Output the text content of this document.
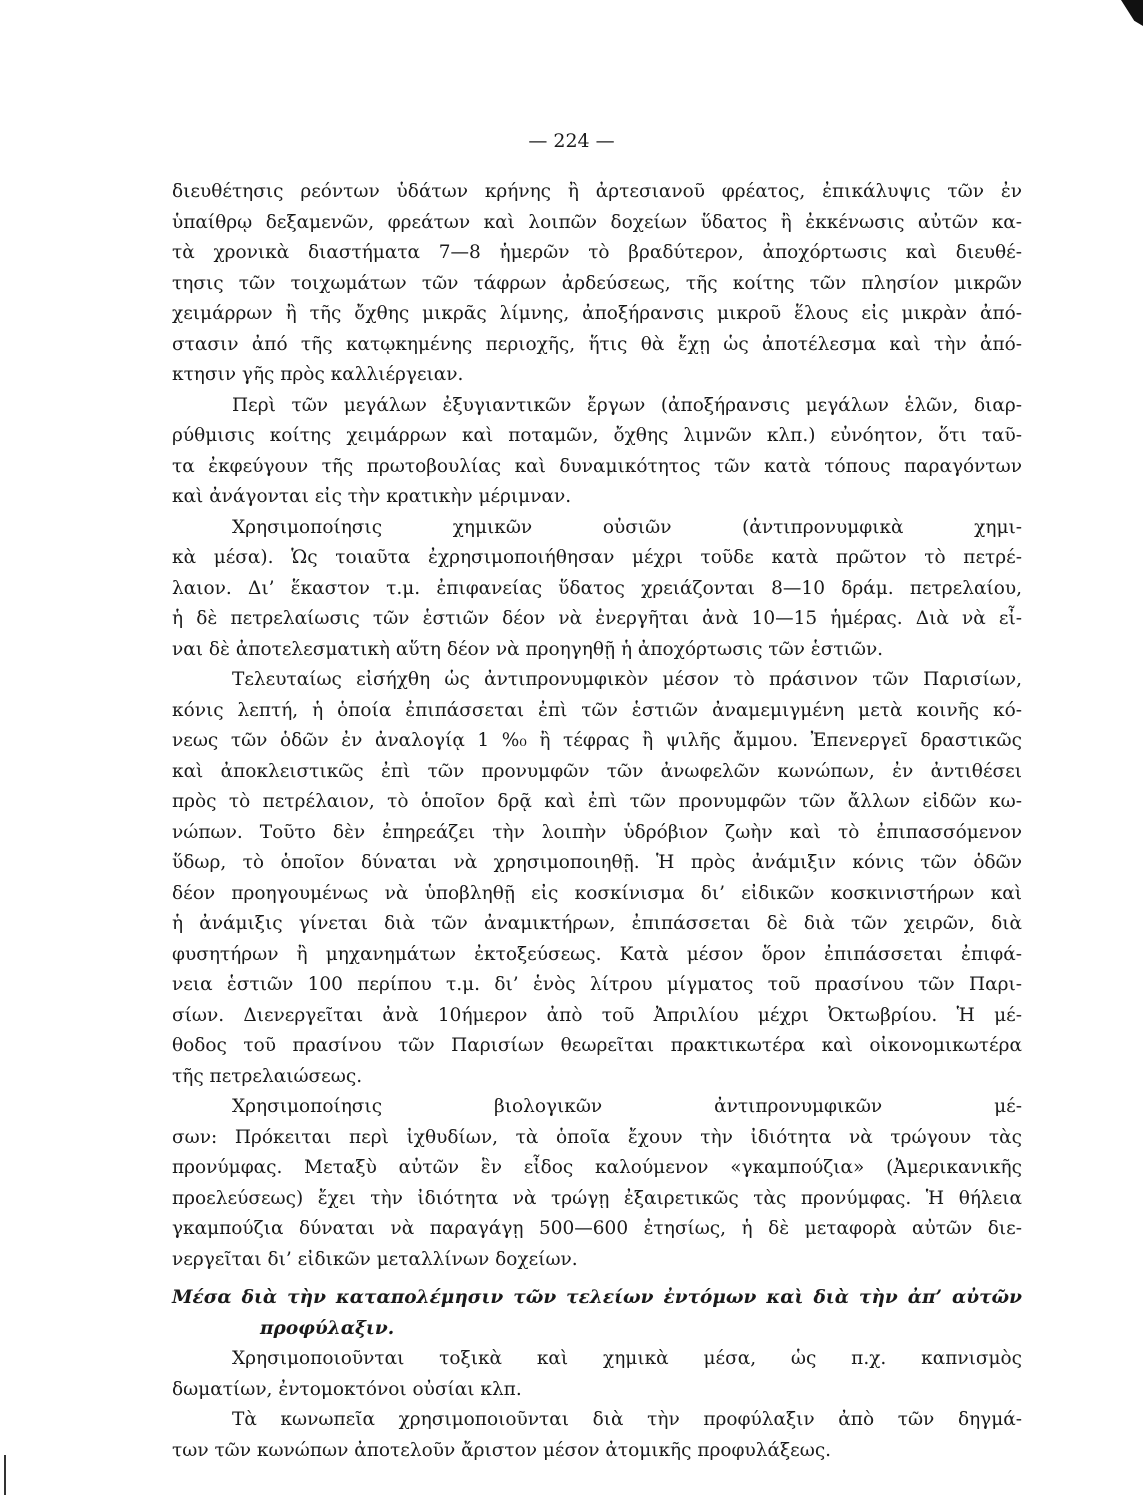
— 224 —
διευθέτησις ρεόντων ὑδάτων κρήνης ἢ ἀρτεσιανοῦ φρέατος, ἐπικάλυψις τῶν ἐν
ὑπαίθρῳ δεξαμενῶν, φρεάτων καὶ λοιπῶν δοχείων ὕδατος ἢ ἐκκένωσις αὐτῶν κα-
τὰ χρονικὰ διαστήματα 7—8 ἡμερῶν τὸ βραδύτερον, ἀποχόρτωσις καὶ διευθέ-
τησις τῶν τοιχωμάτων τῶν τάφρων ἀρδεύσεως, τῆς κοίτης τῶν πλησίον μικρῶν
χειμάρρων ἢ τῆς ὄχθης μικρᾶς λίμνης, ἀποξήρανσις μικροῦ ἕλους εἰς μικρὰν ἀπό-
στασιν ἀπό τῆς κατῳκημένης περιοχῆς, ἥτις θὰ ἔχῃ ὡς ἀποτέλεσμα καὶ τὴν ἀπό-
κτησιν γῆς πρὸς καλλιέργειαν.
Περὶ τῶν μεγάλων ἐξυγιαντικῶν ἔργων (ἀποξήρανσις μεγάλων ἑλῶν, διαρ-
ρύθμισις κοίτης χειμάρρων καὶ ποταμῶν, ὄχθης λιμνῶν κλπ.) εὐνόητον, ὅτι ταῦ-
τα ἐκφεύγουν τῆς πρωτοβουλίας καὶ δυναμικότητος τῶν κατὰ τόπους παραγόντων
καὶ ἀνάγονται εἰς τὴν κρατικὴν μέριμναν.
Χρησιμοποίησις χημικῶν οὐσιῶν (ἀντιπρονυμφικὰ χημι-
κὰ μέσα). Ὡς τοιαῦτα ἐχρησιμοποιήθησαν μέχρι τοῦδε κατὰ πρῶτον τὸ πετρέ-
λαιον. Δι’ ἕκαστον τ.μ. ἐπιφανείας ὕδατος χρειάζονται 8—10 δράμ. πετρελαίου,
ἡ δὲ πετρελαίωσις τῶν ἑστιῶν δέον νὰ ἐνεργῆται ἀνὰ 10—15 ἡμέρας. Διὰ νὰ εἶ-
ναι δὲ ἀποτελεσματικὴ αὕτη δέον νὰ προηγηθῇ ἡ ἀποχόρτωσις τῶν ἑστιῶν.
Τελευταίως εἰσήχθη ὡς ἀντιπρονυμφικὸν μέσον τὸ πράσινον τῶν Παρισίων,
κόνις λεπτή, ἡ ὁποία ἐπιπάσσεται ἐπὶ τῶν ἑστιῶν ἀναμεμιγμένη μετὰ κοινῆς κό-
νεως τῶν ὁδῶν ἐν ἀναλογίᾳ 1 %₀ ἢ τέφρας ἢ ψιλῆς ἄμμου. Ἐπενεργεῖ δραστικῶς
καὶ ἀποκλειστικῶς ἐπὶ τῶν προνυμφῶν τῶν ἀνωφελῶν κωνώπων, ἐν ἀντιθέσει
πρὸς τὸ πετρέλαιον, τὸ ὁποῖον δρᾷ καὶ ἐπὶ τῶν προνυμφῶν τῶν ἄλλων εἰδῶν κω-
νώπων. Τοῦτο δὲν ἐπηρεάζει τὴν λοιπὴν ὑδρόβιον ζωὴν καὶ τὸ ἐπιπασσόμενον
ὕδωρ, τὸ ὁποῖον δύναται νὰ χρησιμοποιηθῇ. Ἡ πρὸς ἀνάμιξιν κόνις τῶν ὁδῶν
δέον προηγουμένως νὰ ὑποβληθῇ εἰς κοσκίνισμα δι’ εἰδικῶν κοσκινιστήρων καὶ
ἡ ἀνάμιξις γίνεται διὰ τῶν ἀναμικτήρων, ἐπιπάσσεται δὲ διὰ τῶν χειρῶν, διὰ
φυσητήρων ἢ μηχανημάτων ἐκτοξεύσεως. Κατὰ μέσον ὅρον ἐπιπάσσεται ἐπιφά-
νεια ἑστιῶν 100 περίπου τ.μ. δι’ ἑνὸς λίτρου μίγματος τοῦ πρασίνου τῶν Παρι-
σίων. Διενεργεῖται ἀνὰ 10ήμερον ἀπὸ τοῦ Ἀπριλίου μέχρι Ὀκτωβρίου. Ἡ μέ-
θοδος τοῦ πρασίνου τῶν Παρισίων θεωρεῖται πρακτικωτέρα καὶ οἰκονομικωτέρα
τῆς πετρελαιώσεως.
Χρησιμοποίησις βιολογικῶν ἀντιπρονυμφικῶν μέ-
σων: Πρόκειται περὶ ἰχθυδίων, τὰ ὁποῖα ἔχουν τὴν ἰδιότητα νὰ τρώγουν τὰς
προνύμφας. Μεταξὺ αὐτῶν ἓν εἶδος καλούμενον «γκαμπούζια» (Ἀμερικανικῆς
προελεύσεως) ἔχει τὴν ἰδιότητα νὰ τρώγῃ ἐξαιρετικῶς τὰς προνύμφας. Ἡ θήλεια
γκαμπούζια δύναται νὰ παραγάγῃ 500—600 ἐτησίως, ἡ δὲ μεταφορὰ αὐτῶν διε-
νεργεῖται δι’ εἰδικῶν μεταλλίνων δοχείων.
Μέσα διὰ τὴν καταπολέμησιν τῶν τελείων ἐντόμων καὶ διὰ τὴν ἀπ’ αὐτῶν
προφύλαξιν.
Χρησιμοποιοῦνται τοξικὰ καὶ χημικὰ μέσα, ὡς π.χ. καπνισμὸς
δωματίων, ἐντομοκτόνοι οὐσίαι κλπ.
Τὰ κωνωπεῖα χρησιμοποιοῦνται διὰ τὴν προφύλαξιν ἀπὸ τῶν δηγμά-
των τῶν κωνώπων ἀποτελοῦν ἄριστον μέσον ἀτομικῆς προφυλάξεως.
